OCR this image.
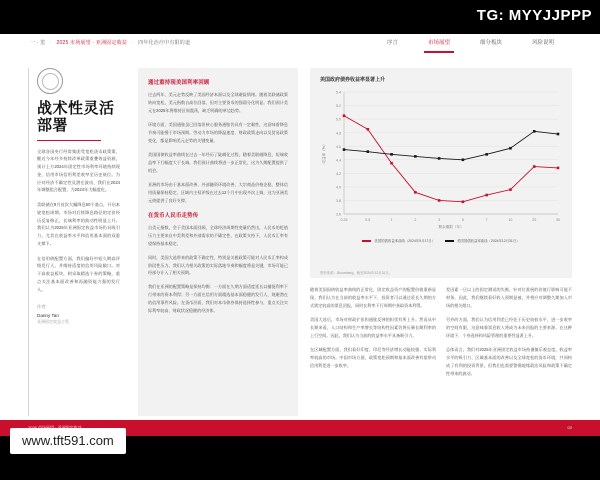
TG: MYYJJPPP
一 · 览 · 2025 市场展望 · 亚洲固定收益 · 四年化治疗中有限的道	序言	市场展望	细分板块	风险说明
战术性灵活部署

全球各国央行经常集团受宽松货币政策策，继近今年经多持续改革政策重叠效益资源，预计上方2024年固定性市场利率环境持续现金，信用市场信用利差收窄至历史低位。为应对经济不确定性及潜在波动，我们在2024年调整组合配置，为2024年大幅度化。

美联储在9月首次大幅降息50个基点，开启本轮宽松周期。市场对后续降息路径的定价经历反复修正，长端利率的波动性明显上升。我们认为2025年亚洲固定收益市场仍具吸引力，尤其在收益率水平和信用基本面的双重支撑下。

在信用债配置方面，我们偏好中短久期高评级发行人，并维持适度的信用风险敞口。对于高收益板块，则采取精选个券的策略，重点关注基本面改善和再融资能力强的发行人。

作者：
Danny Tan
亚洲固定收益主管
通过重持现美国利率回顾

过去两年，美元走势反映了美国经济本面以及全球避险情绪。随着美联储政策转向宽松，美元指数自高位回落，但对主要货币的强弱分化明显。我们预计美元在2025年将维持区间震荡，缺乏明确的单边趋势。

环境方面，美国通胀虽已回落但核心服务通胀仍具有一定黏性，这意味着降息节奏可能慢于市场预期。劳动力市场的降温速度、财政政策走向以及贸易政策变化，都是影响美元走势的关键变量。

美国国债收益率曲线在过去一年经历了陡峭化过程，随着美联储降息，短端收益率下行幅度大于长端。我们预计曲线将进一步正常化，这为久期配置提供了机会。

亚洲的市场由于基本面改善、外部融资环境改善、大宗商品价格企稳，整体信用质量保持稳定。区域内主权评级在过去12个月中出现多次上调，这为亚洲美元债提供了良好支撑。

在货币人民币走势传

自美元指数，会于美国本面回顾，全球经济周期性变量仍然出，人民币的贬值压力主要来自中美利差和外部需求的不确定性，在政策支持下，人民币汇率有望保持基本稳定。

同时，美国大选带来的政策不确定性，特别是关税政策可能对人民币汇率构成阶段性压力。我们认为相关政策的实际落地节奏和幅度将是关键，市场可能已经部分计入了相关预期。

我们在亚洲的配置策略是保持均衡：一方面在久期方面适度延长以捕捉利率下行带来的资本利得；另一方面在信用方面精选基本面稳健的发行人，规避潜在的信用事件风险。在货币层面，我们对本币债券保持选择性参与，重点关注实际利率较高、财政状况稳健的经济体。

美国政府债券收益率显著上升
5.4
5.2
5.0
4.8
4.6
4.4
4.2
4.0
3.8
3.6
0.25	0.5	1	2	3	5	7	10	20	30
剩余期限（年）
收益率（%）
美国国债收益率曲线（2024年9月17日）	美国国债收益率曲线（2024年12月31日）
资料来源：Bloomberg，截至2024年12月31日。

随着美国国债收益率曲线的正常化，固定收益资产的配置价值重新显现。我们认为在当前的收益率水平下，投资者可以通过延长久期的方式锁定较高的票息回报，同时在利率下行周期中获取资本利得。

美国大选后，市场对财政扩张和通胀反弹的担忧有所上升。然而从中长期来看，人口结构和生产率增长等结构性因素仍将压制长期利率的上行空间。因此，我们认为当前的收益率水平具备吸引力。

在区域配置方面，我们看好印度、印尼等经济增长动能较强、实际利率较高的市场。中国市场方面，政策宽松预期和基本面改善有望带动信用利差进一步收窄。

差因素一旦以上的固定测试的失衡，针对位准展的价值行影响可能不财务，因此，我们继续看好收入预期是被，并相应对调整久期加入市场的相关敞口。

另外的方面，我们认为信用利差已经处于历史较低水平，进一步收窄的空间有限，这意味着票息收入将成为未来回报的主要来源。在这种环境下，个券选择和风险管理的重要性显著上升。

总体而言，我们对2025年亚洲固定收益市场持谨慎乐观态度。收益率水平的吸引力、区域基本面的改善以及全球宽松的货币环境，共同构成了有利的投资背景。但我们也需要警惕地缘政治风险和政策不确定性带来的波动。

02
www.tft591.com
